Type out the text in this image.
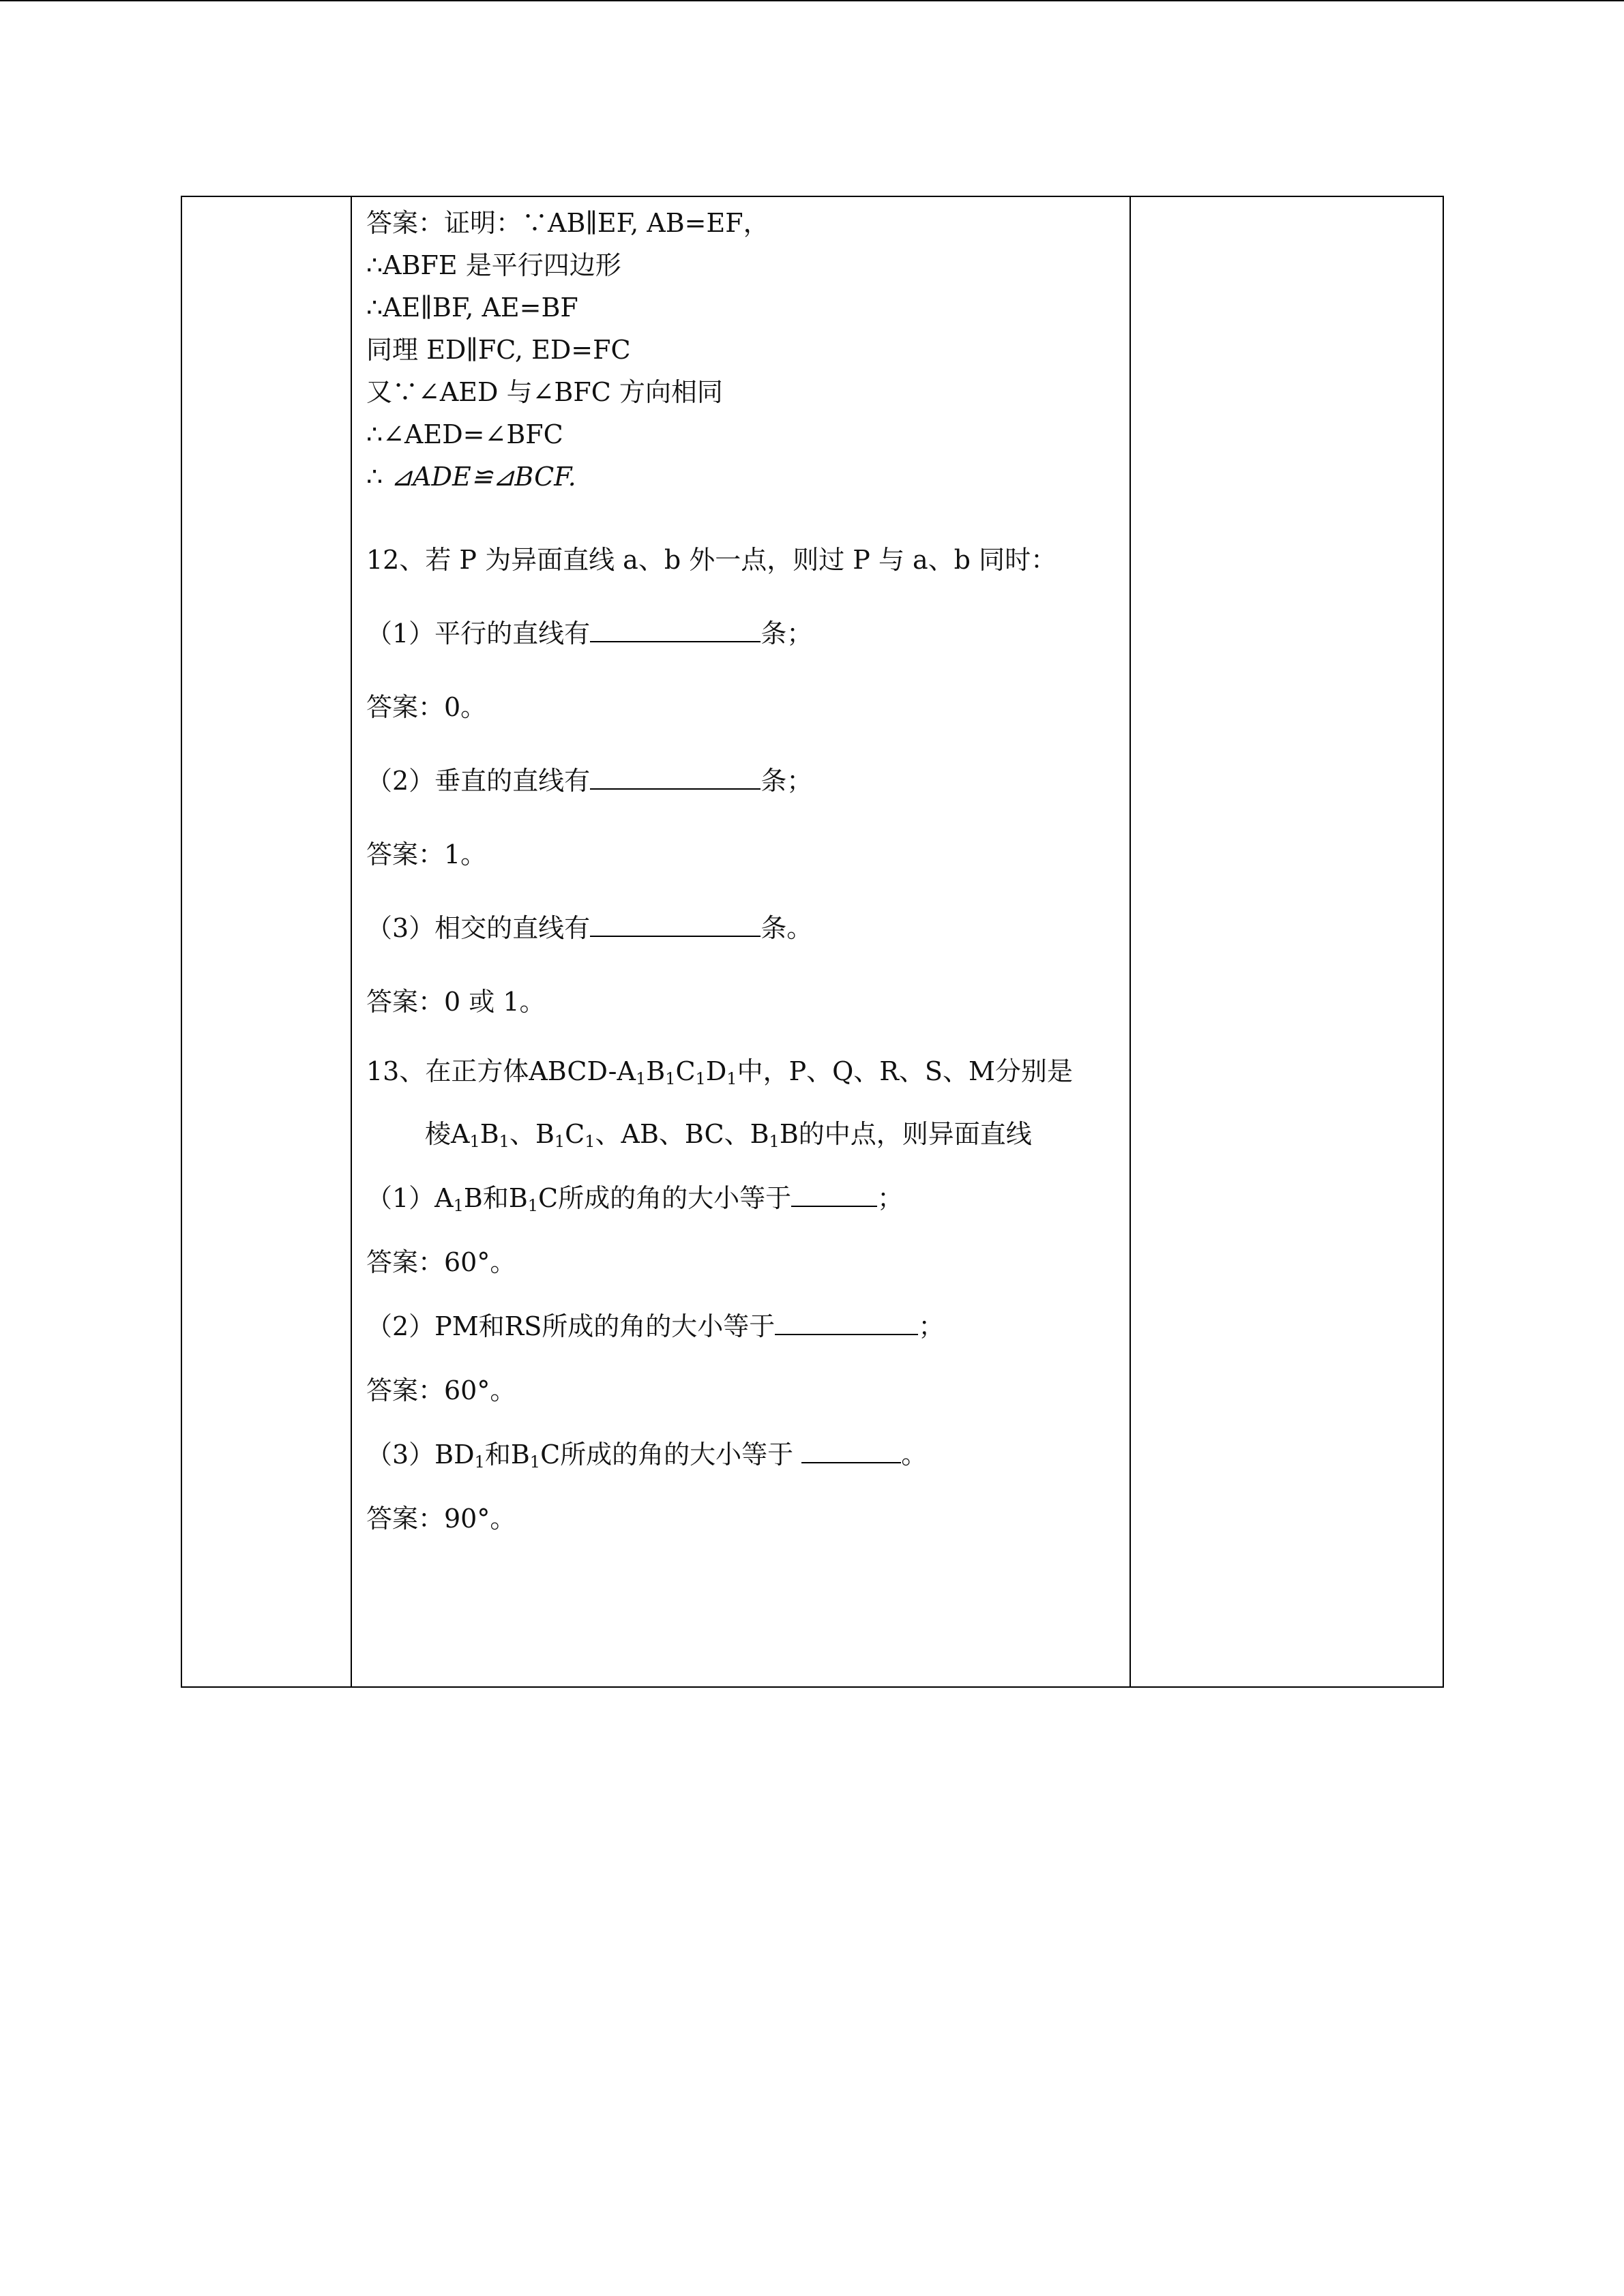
答案：证明：∵AB∥EF, AB=EF，
∴ABFE 是平行四边形
∴AE∥BF, AE=BF
同理 ED∥FC, ED=FC
又∵∠AED 与∠BFC 方向相同
∴∠AED=∠BFC
∴ ⊿ADE≌⊿BCF.
12、若 P 为异面直线 a、b 外一点，则过 P 与 a、b 同时：
（1）平行的直线有	条；
答案：0。
（2）垂直的直线有	条；
答案：1。
（3）相交的直线有	条。
答案：0 或 1。
13、在正方体ABCD-$A_1B_1C_1D_1$中，P、Q、R、S、M分别是
棱$A_1B_1$、$B_1C_1$、AB、BC、$B_1B$的中点，则异面直线
$(1)A_1B$和$B_1C$所成的角的大小等于	；
答案：60°。
（2）PM和RS所成的角的大小等于	；
答案：60°。
$(3)BD_1$和$B_1C$所成的角的大小等于	。
答案：90°。
